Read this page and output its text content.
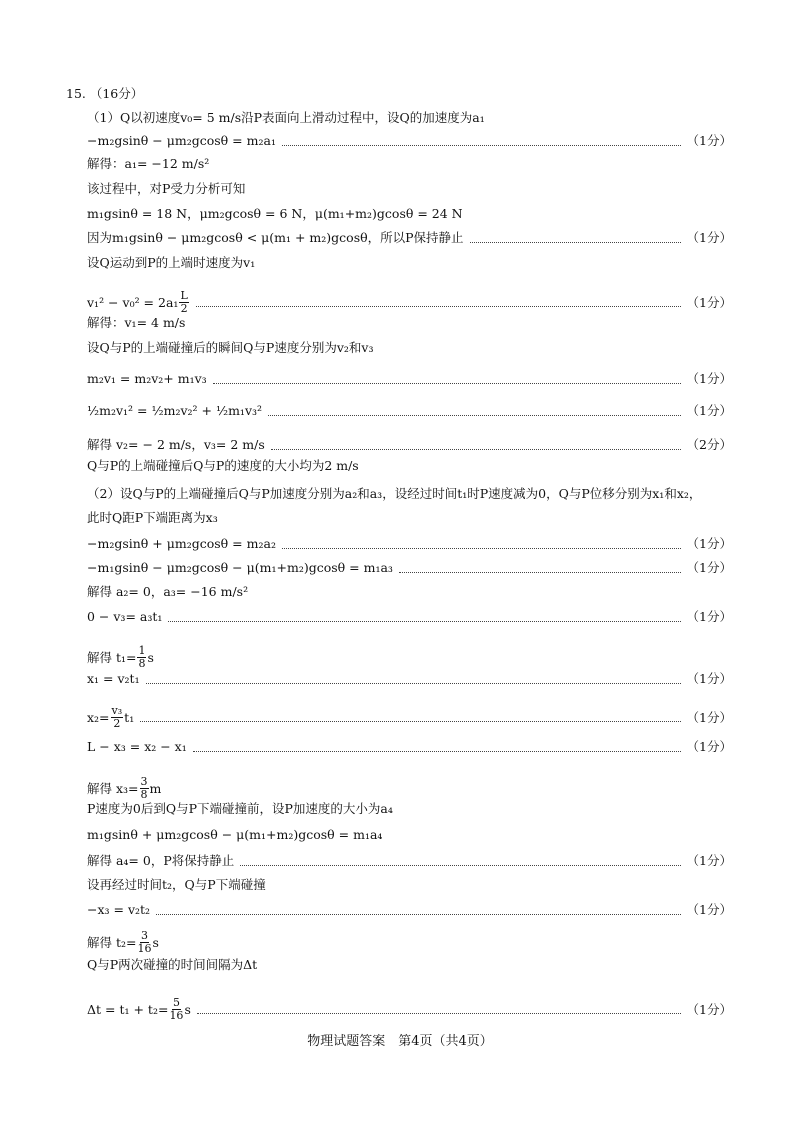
15. （16分）
（1）Q以初速度v₀= 5 m/s沿P表面向上滑动过程中，设Q的加速度为a₁
−m₂gsinθ − μm₂gcosθ = m₂a₁	（1分）
解得：a₁= −12 m/s²
该过程中，对P受力分析可知
m₁gsinθ = 18 N，μm₂gcosθ = 6 N，μ(m₁+m₂)gcosθ = 24 N
因为m₁gsinθ − μm₂gcosθ < μ(m₁ + m₂)gcosθ，所以P保持静止	（1分）
设Q运动到P的上端时速度为v₁
$v_1^2 - v_0^2 = 2a_1 \frac{L}{2}$	（1分）
解得：v₁= 4 m/s
设Q与P的上端碰撞后的瞬间Q与P速度分别为v₂和v₃
m₂v₁ = m₂v₂+ m₁v₃	（1分）
½m₂v₁² = ½m₂v₂² + ½m₁v₃²	（1分）
解得 v₂= − 2 m/s，v₃= 2 m/s	（2分）
Q与P的上端碰撞后Q与P的速度的大小均为2 m/s
（2）设Q与P的上端碰撞后Q与P加速度分别为a₂和a₃，设经过时间t₁时P速度减为0，Q与P位移分别为x₁和x₂，
此时Q距P下端距离为x₃
−m₂gsinθ + μm₂gcosθ = m₂a₂	（1分）
−m₁gsinθ − μm₂gcosθ − μ(m₁+m₂)gcosθ = m₁a₃	（1分）
解得 a₂= 0，a₃= −16 m/s²
0 − v₃= a₃t₁	（1分）
解得 $t_1= \frac{1}{8}$ s
x₁ = v₂t₁	（1分）
$x_2= \frac{\text{v₃}}{2} t_1$	（1分）
L − x₃ = x₂ − x₁	（1分）
解得 $x_3= \frac{3}{8}$ m
P速度为0后到Q与P下端碰撞前，设P加速度的大小为a₄
m₁gsinθ + μm₂gcosθ − μ(m₁+m₂)gcosθ = m₁a₄
解得 a₄= 0，P将保持静止	（1分）
设再经过时间t₂，Q与P下端碰撞
−x₃ = v₂t₂	（1分）
解得 $t_2= \frac{3}{16}$ s
Q与P两次碰撞的时间间隔为Δt
$\Delta t = t_1 + t_2= \frac{5}{16}$ s	（1分）
物理试题答案　第4页（共4页）
